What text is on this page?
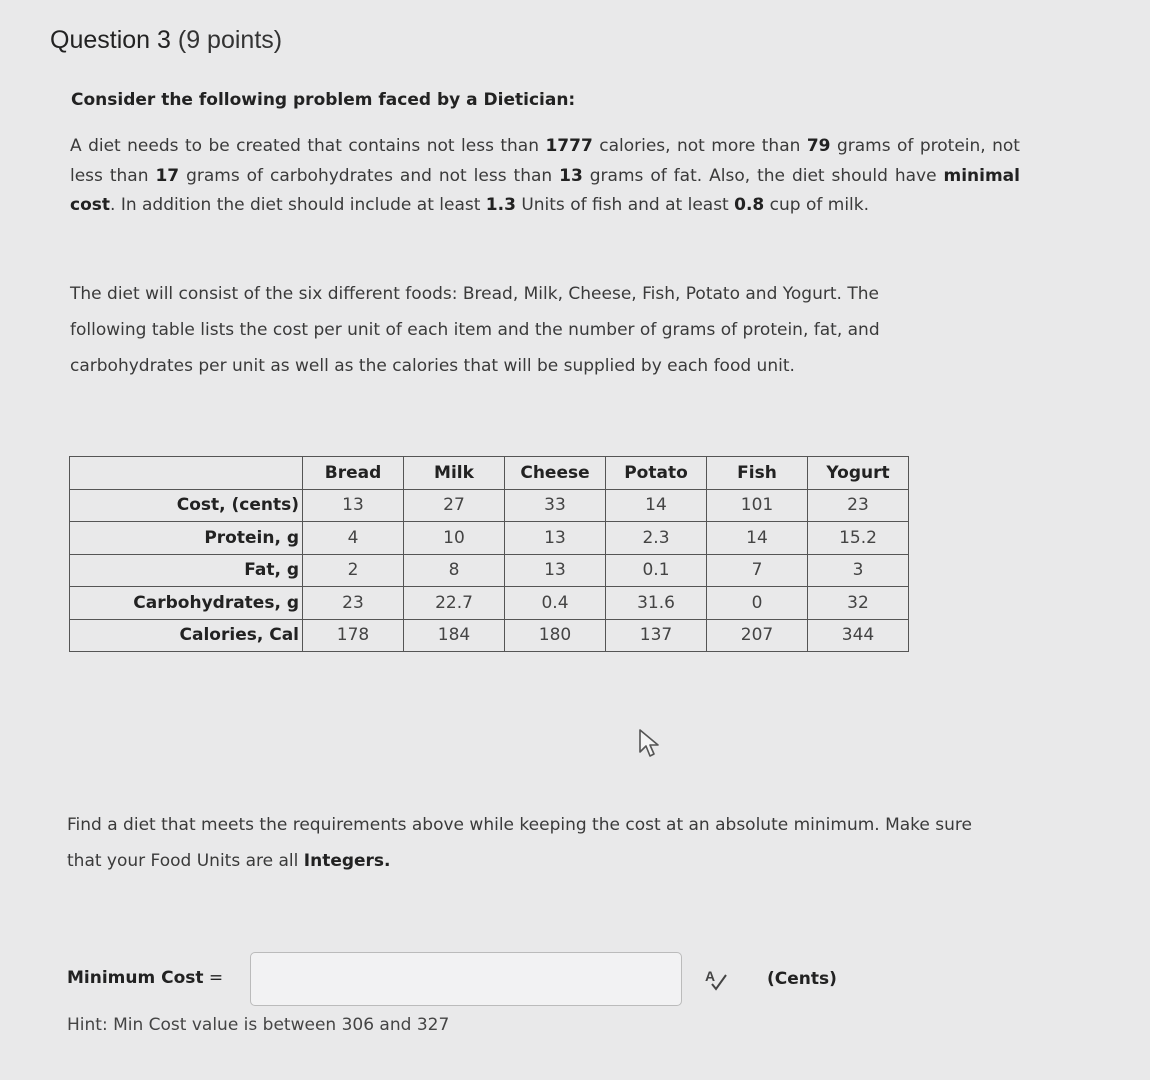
Question 3 (9 points)
Consider the following problem faced by a Dietician:

A diet needs to be created that contains not less than 1777 calories, not more than 79 grams of protein, not less than 17 grams of carbohydrates and not less than 13 grams of fat. Also, the diet should have minimal cost. In addition the diet should include at least 1.3 Units of fish and at least 0.8 cup of milk.

The diet will consist of the six different foods: Bread, Milk, Cheese, Fish, Potato and Yogurt. The following table lists the cost per unit of each item and the number of grams of protein, fat, and carbohydrates per unit as well as the calories that will be supplied by each food unit.

	Bread	Milk	Cheese	Potato	Fish	Yogurt
Cost, (cents)	13	27	33	14	101	23
Protein, g	4	10	13	2.3	14	15.2
Fat, g	2	8	13	0.1	7	3
Carbohydrates, g	23	22.7	0.4	31.6	0	32
Calories, Cal	178	184	180	137	207	344

Find a diet that meets the requirements above while keeping the cost at an absolute minimum. Make sure that your Food Units are all Integers.

Minimum Cost =	A	(Cents)
Hint: Min Cost value is between 306 and 327
